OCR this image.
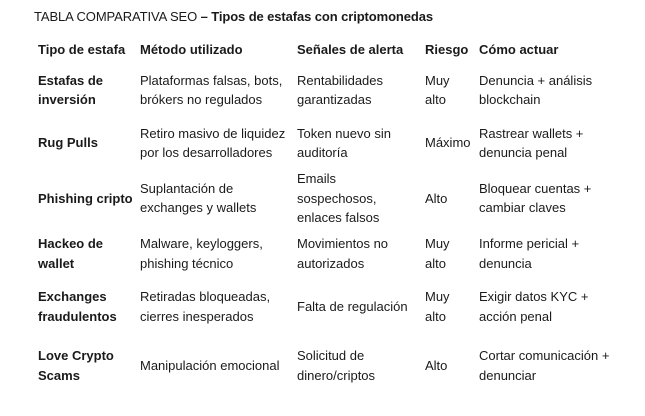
TABLA COMPARATIVA SEO – Tipos de estafas con criptomonedas
Tipo de estafa	Método utilizado	Señales de alerta	Riesgo	Cómo actuar
Estafas de inversión	Plataformas falsas, bots, brókers no regulados	Rentabilidades garantizadas	Muy alto	Denuncia + análisis blockchain
Rug Pulls	Retiro masivo de liquidez por los desarrolladores	Token nuevo sin auditoría	Máximo	Rastrear wallets + denuncia penal
Phishing cripto	Suplantación de exchanges y wallets	Emails sospechosos, enlaces falsos	Alto	Bloquear cuentas + cambiar claves
Hackeo de wallet	Malware, keyloggers, phishing técnico	Movimientos no autorizados	Muy alto	Informe pericial + denuncia
Exchanges fraudulentos	Retiradas bloqueadas, cierres inesperados	Falta de regulación	Muy alto	Exigir datos KYC + acción penal
Love Crypto Scams	Manipulación emocional	Solicitud de dinero/criptos	Alto	Cortar comunicación + denunciar
